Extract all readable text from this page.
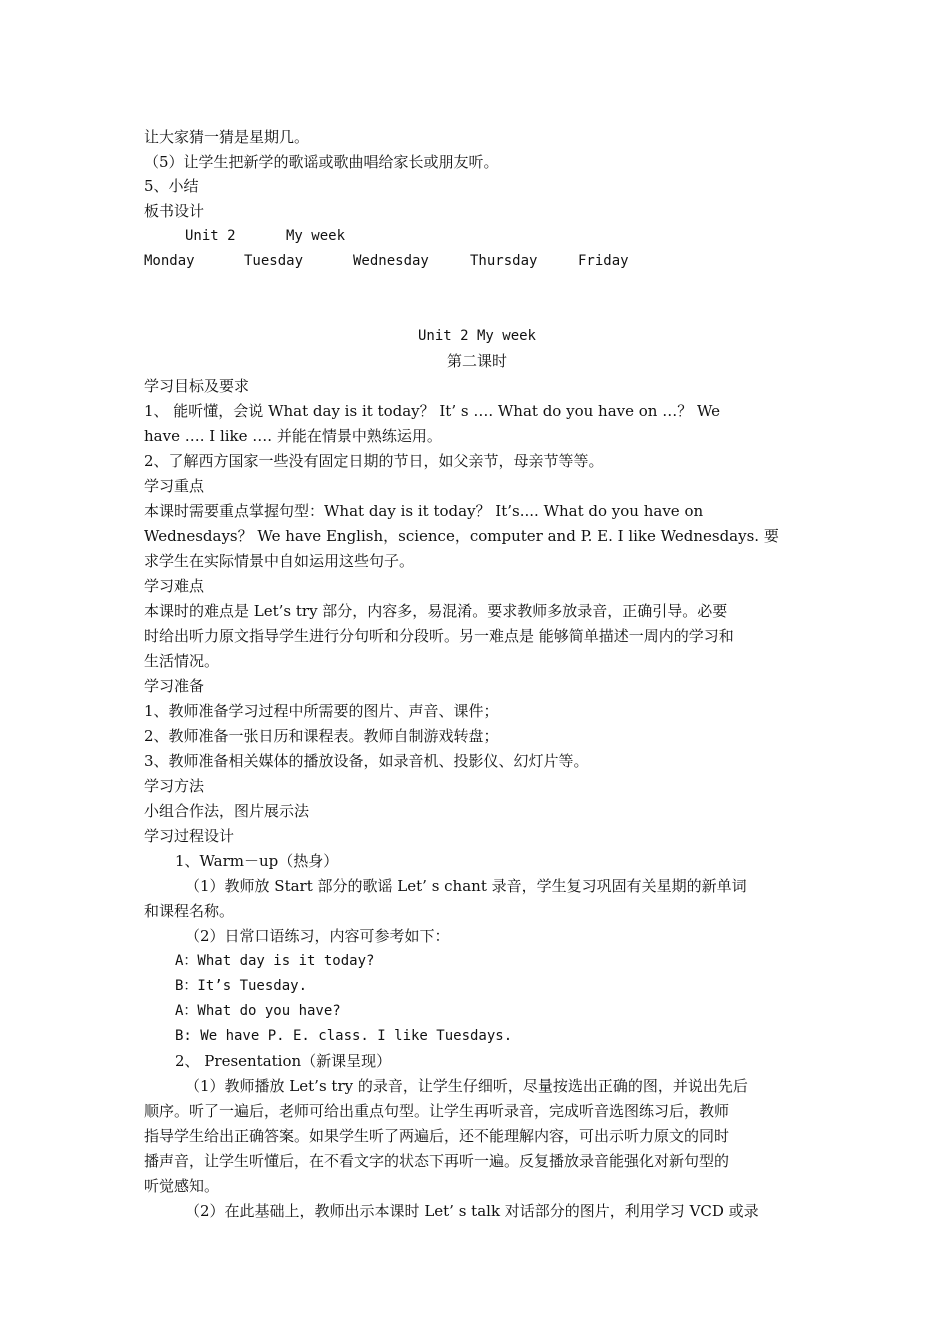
让大家猜一猜是星期几。
（5）让学生把新学的歌谣或歌曲唱给家长或朋友听。
5、小结
板书设计
Unit 2	My week
Monday	Tuesday	Wednesday	Thursday	Friday
Unit 2 My week
第二课时
学习目标及要求
1、 能听懂，会说 What day is it today？ It’ s …. What do you have on …？ We
have …. I like …. 并能在情景中熟练运用。
2、了解西方国家一些没有固定日期的节日，如父亲节，母亲节等等。
学习重点
本课时需要重点掌握句型：What day is it today？ It’s.... What do you have on
Wednesdays？ We have English，science，computer and P. E. I like Wednesdays. 要
求学生在实际情景中自如运用这些句子。
学习难点
本课时的难点是 Let’s try 部分，内容多，易混淆。要求教师多放录音，正确引导。必要
时给出听力原文指导学生进行分句听和分段听。另一难点是 能够简单描述一周内的学习和
生活情况。
学习准备
1、教师准备学习过程中所需要的图片、声音、课件；
2、教师准备一张日历和课程表。教师自制游戏转盘；
3、教师准备相关媒体的播放设备，如录音机、投影仪、幻灯片等。
学习方法
小组合作法，图片展示法
学习过程设计
1、Warm－up（热身）
（1）教师放 Start 部分的歌谣 Let’ s chant 录音，学生复习巩固有关星期的新单词
和课程名称。
（2）日常口语练习，内容可参考如下：
A：What day is it today?
B：It’s Tuesday.
A：What do you have?
B: We have P. E. class. I like Tuesdays.
2、 Presentation（新课呈现）
（1）教师播放 Let’s try 的录音，让学生仔细听，尽量按选出正确的图，并说出先后
顺序。听了一遍后，老师可给出重点句型。让学生再听录音，完成听音选图练习后，教师
指导学生给出正确答案。如果学生听了两遍后，还不能理解内容，可出示听力原文的同时
播声音，让学生听懂后，在不看文字的状态下再听一遍。反复播放录音能强化对新句型的
听觉感知。
（2）在此基础上，教师出示本课时 Let’ s talk 对话部分的图片，利用学习 VCD 或录
